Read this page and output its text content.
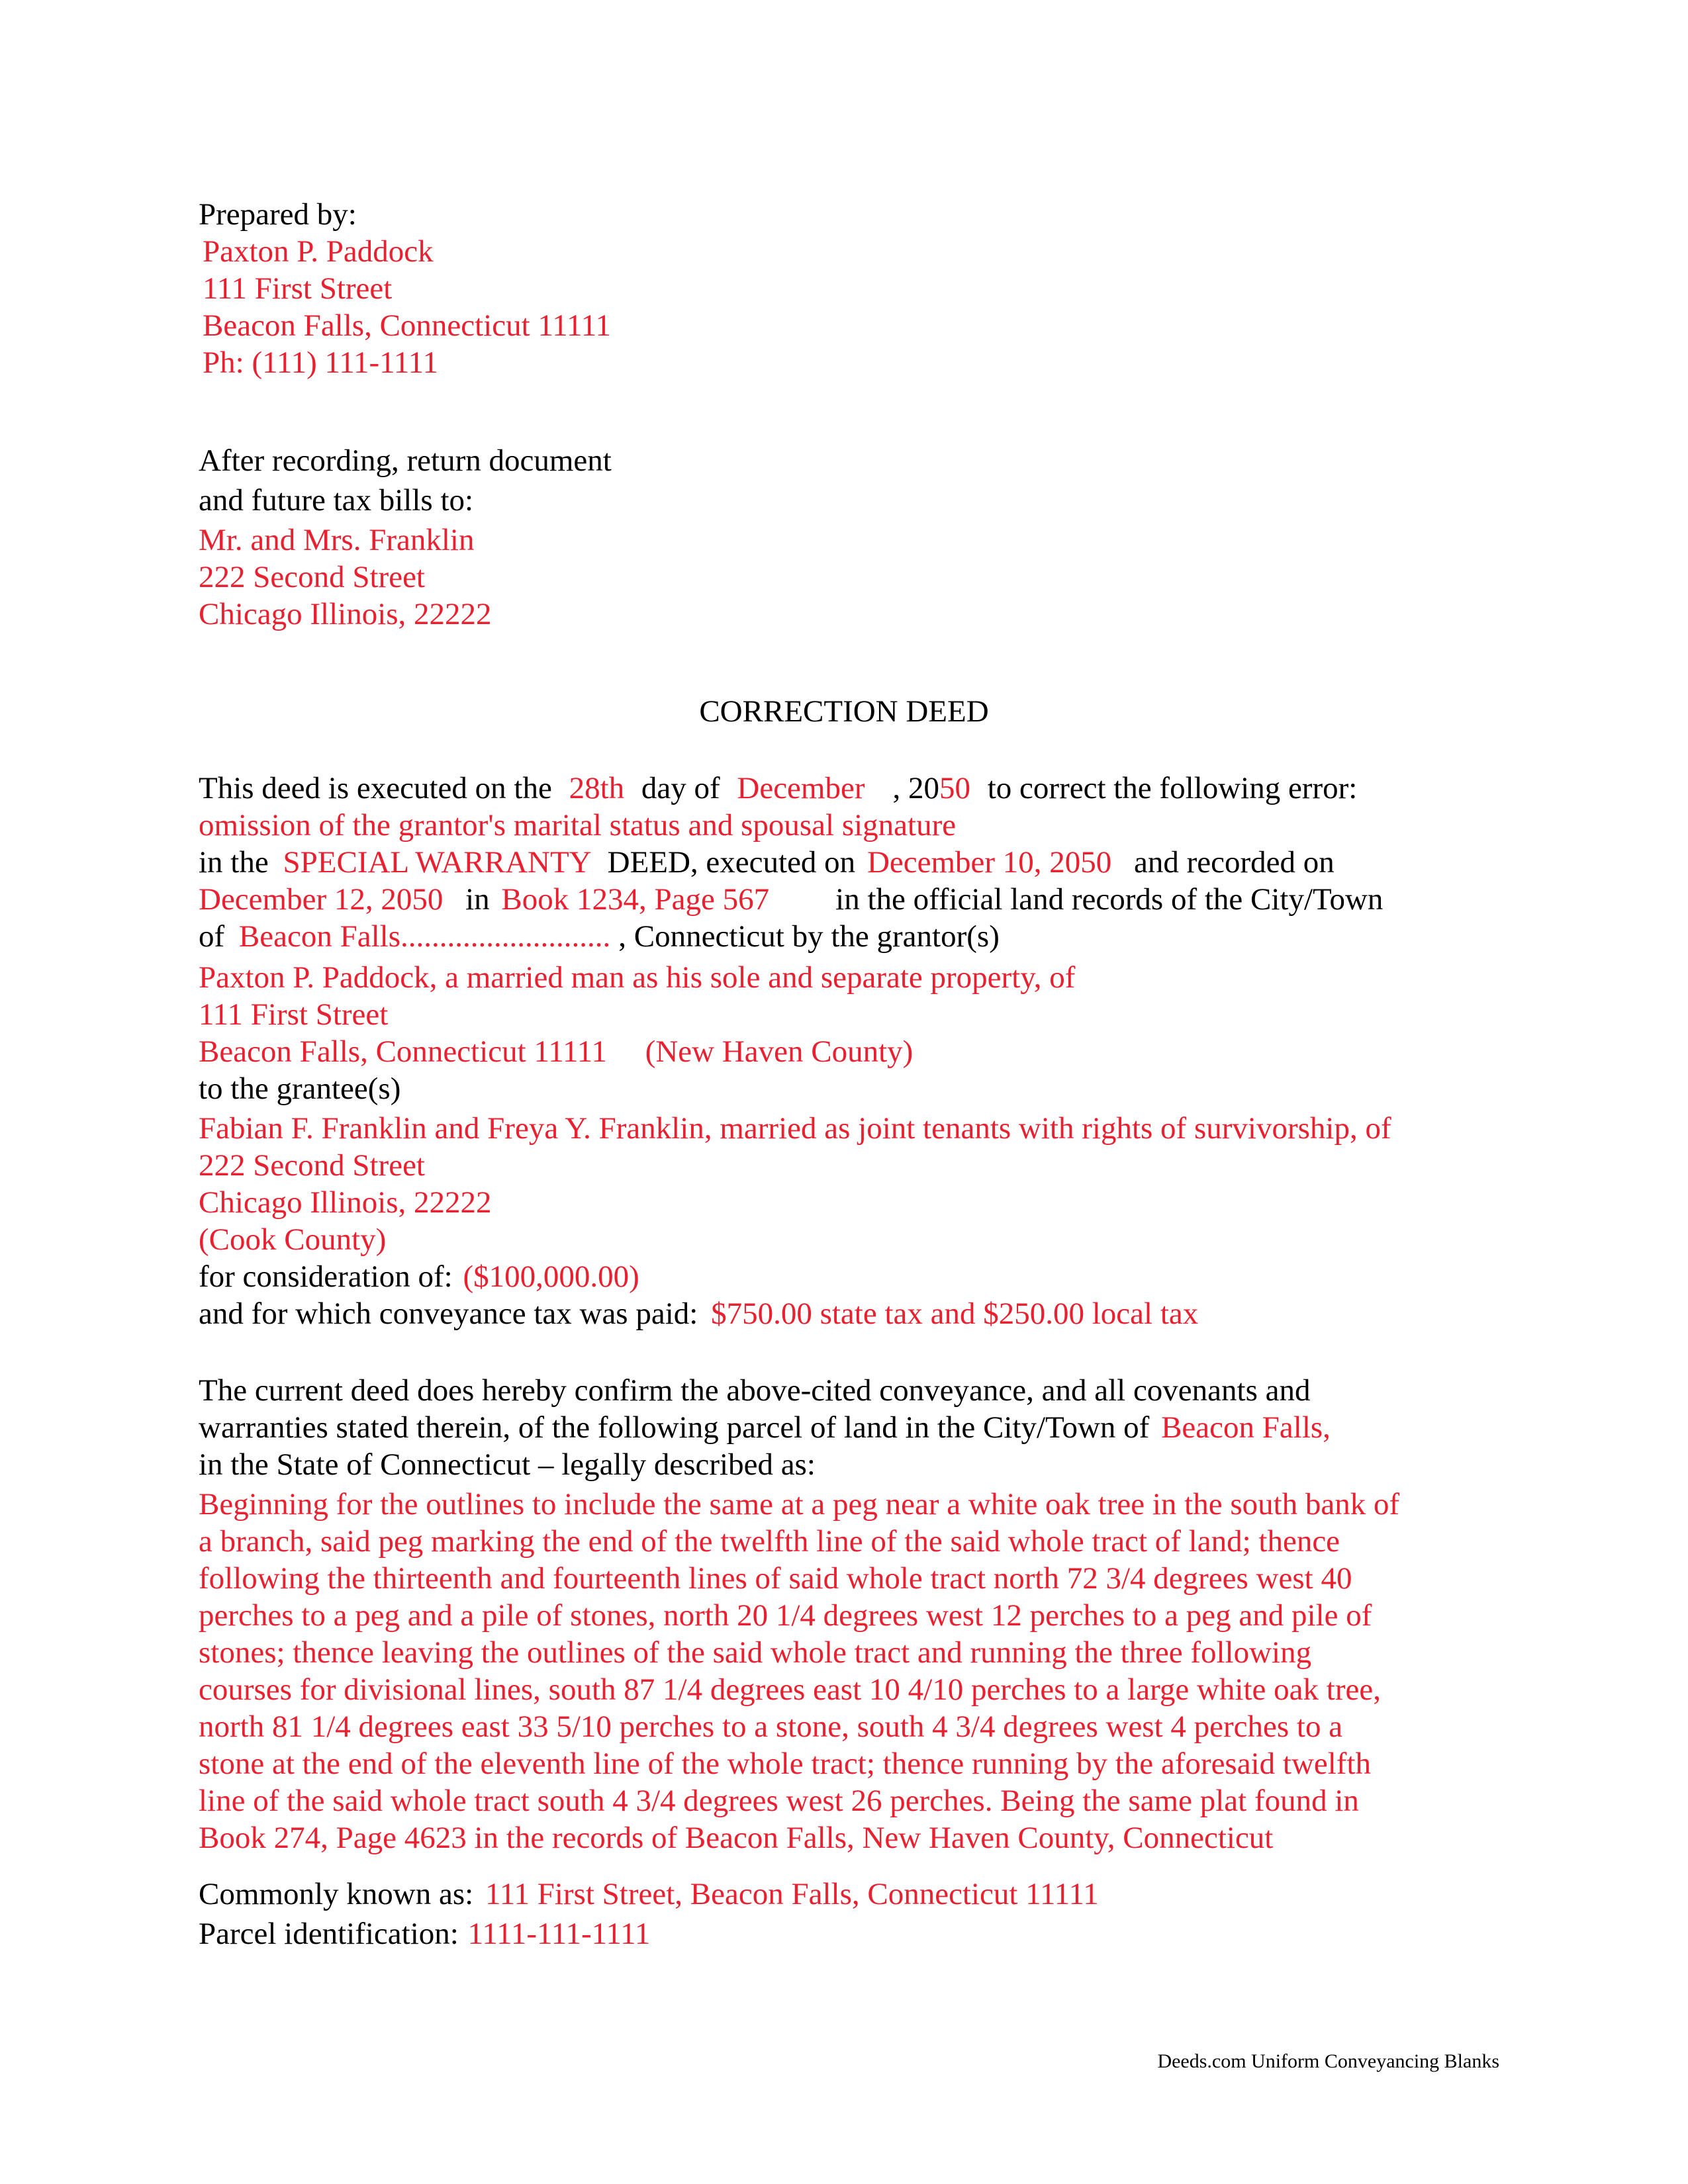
Prepared by:
Paxton P. Paddock
111 First Street
Beacon Falls, Connecticut 11111
Ph: (111) 111-1111
After recording, return document
and future tax bills to:
Mr. and Mrs. Franklin
222 Second Street
Chicago Illinois, 22222
CORRECTION DEED
This deed is executed on the 28th day of December , 2050 to correct the following error:
omission of the grantor's marital status and spousal signature
in the SPECIAL WARRANTY DEED, executed on December 10, 2050 and recorded on
December 12, 2050 in Book 1234, Page 567 in the official land records of the City/Town
of Beacon Falls........................... , Connecticut by the grantor(s)
Paxton P. Paddock, a married man as his sole and separate property, of
111 First Street
Beacon Falls, Connecticut 11111 (New Haven County)
to the grantee(s)
Fabian F. Franklin and Freya Y. Franklin, married as joint tenants with rights of survivorship, of
222 Second Street
Chicago Illinois, 22222
(Cook County)
for consideration of: ($100,000.00)
and for which conveyance tax was paid: $750.00 state tax and $250.00 local tax
The current deed does hereby confirm the above-cited conveyance, and all covenants and
warranties stated therein, of the following parcel of land in the City/Town of Beacon Falls,
in the State of Connecticut – legally described as:
Beginning for the outlines to include the same at a peg near a white oak tree in the south bank of
a branch, said peg marking the end of the twelfth line of the said whole tract of land; thence
following the thirteenth and fourteenth lines of said whole tract north 72 3/4 degrees west 40
perches to a peg and a pile of stones, north 20 1/4 degrees west 12 perches to a peg and pile of
stones; thence leaving the outlines of the said whole tract and running the three following
courses for divisional lines, south 87 1/4 degrees east 10 4/10 perches to a large white oak tree,
north 81 1/4 degrees east 33 5/10 perches to a stone, south 4 3/4 degrees west 4 perches to a
stone at the end of the eleventh line of the whole tract; thence running by the aforesaid twelfth
line of the said whole tract south 4 3/4 degrees west 26 perches. Being the same plat found in
Book 274, Page 4623 in the records of Beacon Falls, New Haven County, Connecticut
Commonly known as: 111 First Street, Beacon Falls, Connecticut 11111
Parcel identification: 1111-111-1111
Deeds.com Uniform Conveyancing Blanks
